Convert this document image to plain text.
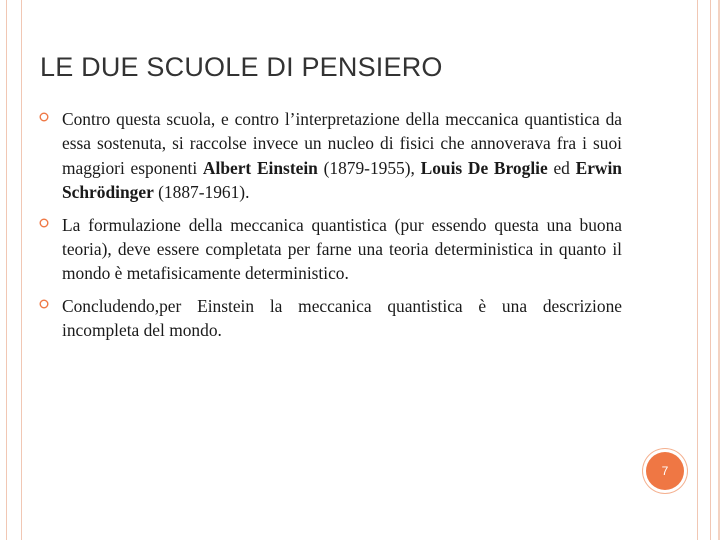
LE DUE SCUOLE DI PENSIERO
Contro questa scuola, e contro l’interpretazione della meccanica quantistica da essa sostenuta, si raccolse invece un nucleo di fisici che annoverava fra i suoi maggiori esponenti Albert Einstein (1879-1955), Louis De Broglie ed Erwin Schrödinger (1887-1961).
La formulazione della meccanica quantistica (pur essendo questa una buona teoria), deve essere completata per farne una teoria deterministica in quanto il mondo è metafisicamente deterministico.
Concludendo,per Einstein la meccanica quantistica è una descrizione incompleta del mondo.
7
